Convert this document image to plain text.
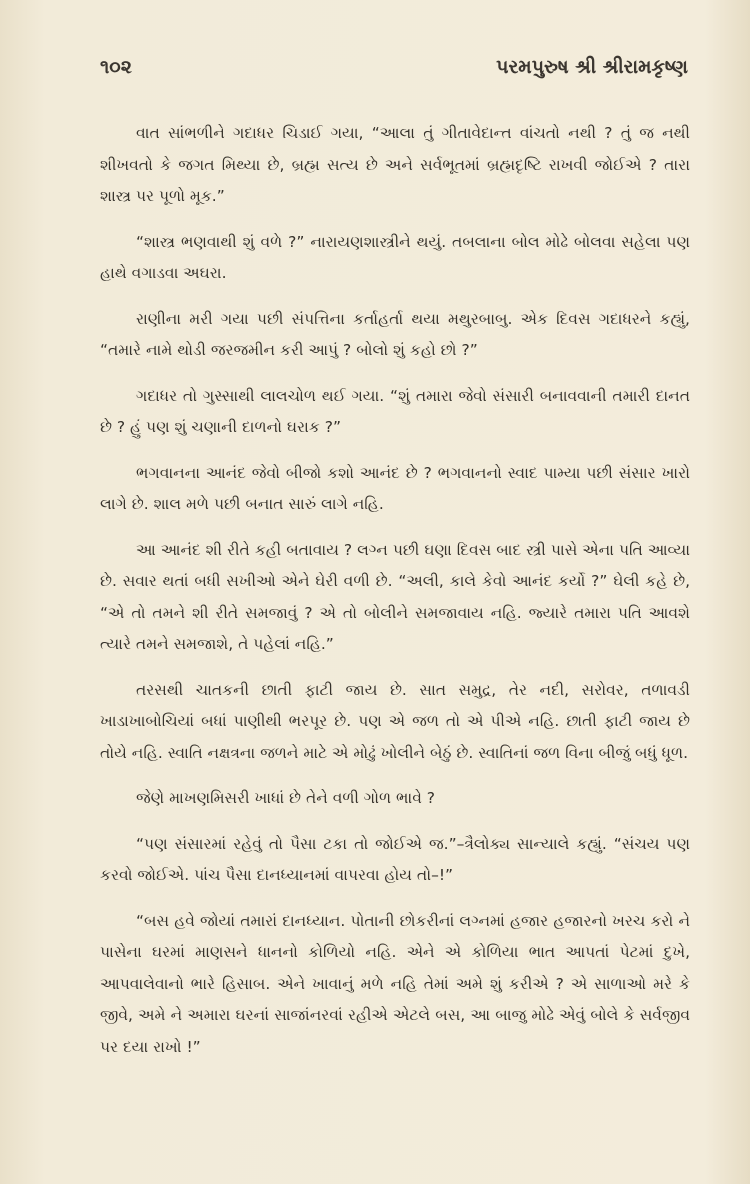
૧૦૨	પરમપુરુષ શ્રી શ્રીરામકૃષ્ણ

વાત સાંભળીને ગદાધર ચિડાઈ ગયા, “આલા તું ગીતાવેદાન્ત વાંચતો નથી ? તું જ નથી શીખવતો કે જગત મિથ્યા છે, બ્રહ્મ સત્ય છે અને સર્વભૂતમાં બ્રહ્મદૃષ્ટિ રાખવી જોઈએ ? તારા શાસ્ત્ર પર પૂળો મૂક.”

“શાસ્ત્ર ભણવાથી શું વળે ?” નારાયણશાસ્ત્રીને થયું. તબલાના બોલ મોઢે બોલવા સહેલા પણ હાથે વગાડવા અઘરા.

રાણીના મરી ગયા પછી સંપત્તિના કર્તાહર્તા થયા મથુરબાબુ. એક દિવસ ગદાધરને કહ્યું, “તમારે નામે થોડી જરજમીન કરી આપું ? બોલો શું કહો છો ?”

ગદાધર તો ગુસ્સાથી લાલચોળ થઈ ગયા. “શું તમારા જેવો સંસારી બનાવવાની તમારી દાનત છે ? હું પણ શું ચણાની દાળનો ઘરાક ?”

ભગવાનના આનંદ જેવો બીજો કશો આનંદ છે ? ભગવાનનો સ્વાદ પામ્યા પછી સંસાર ખારો લાગે છે. શાલ મળે પછી બનાત સારું લાગે નહિ.

આ આનંદ શી રીતે કહી બતાવાય ? લગ્ન પછી ઘણા દિવસ બાદ સ્ત્રી પાસે એના પતિ આવ્યા છે. સવાર થતાં બધી સખીઓ એને ઘેરી વળી છે. “અલી, કાલે કેવો આનંદ કર્યો ?” ઘેલી કહે છે, “એ તો તમને શી રીતે સમજાવું ? એ તો બોલીને સમજાવાય નહિ. જ્યારે તમારા પતિ આવશે ત્યારે તમને સમજાશે, તે પહેલાં નહિ.”

તરસથી ચાતકની છાતી ફાટી જાય છે. સાત સમુદ્ર, તેર નદી, સરોવર, તળાવડી ખાડાખાબોચિયાં બધાં પાણીથી ભરપૂર છે. પણ એ જળ તો એ પીએ નહિ. છાતી ફાટી જાય છે તોયે નહિ. સ્વાતિ નક્ષત્રના જળને માટે એ મોઢું ખોલીને બેઠું છે. સ્વાતિનાં જળ વિના બીજું બધું ધૂળ.

જેણે માખણમિસરી ખાધાં છે તેને વળી ગોળ ભાવે ?

“પણ સંસારમાં રહેવું તો પૈસા ટકા તો જોઈએ જ.”–ત્રૈલોક્ય સાન્યાલે કહ્યું. “સંચય પણ કરવો જોઈએ. પાંચ પૈસા દાનધ્યાનમાં વાપરવા હોય તો–!”

“બસ હવે જોયાં તમારાં દાનધ્યાન. પોતાની છોકરીનાં લગ્નમાં હજાર હજારનો ખરચ કરો ને પાસેના ઘરમાં માણસને ધાનનો કોળિયો નહિ. એને એ કોળિયા ભાત આપતાં પેટમાં દુખે, આપવાલેવાનો ભારે હિસાબ. એને ખાવાનું મળે નહિ તેમાં અમે શું કરીએ ? એ સાળાઓ મરે કે જીવે, અમે ને અમારા ઘરનાં સાજાંનરવાં રહીએ એટલે બસ, આ બાજુ મોઢે એવું બોલે કે સર્વજીવ પર દયા રાખો !”
